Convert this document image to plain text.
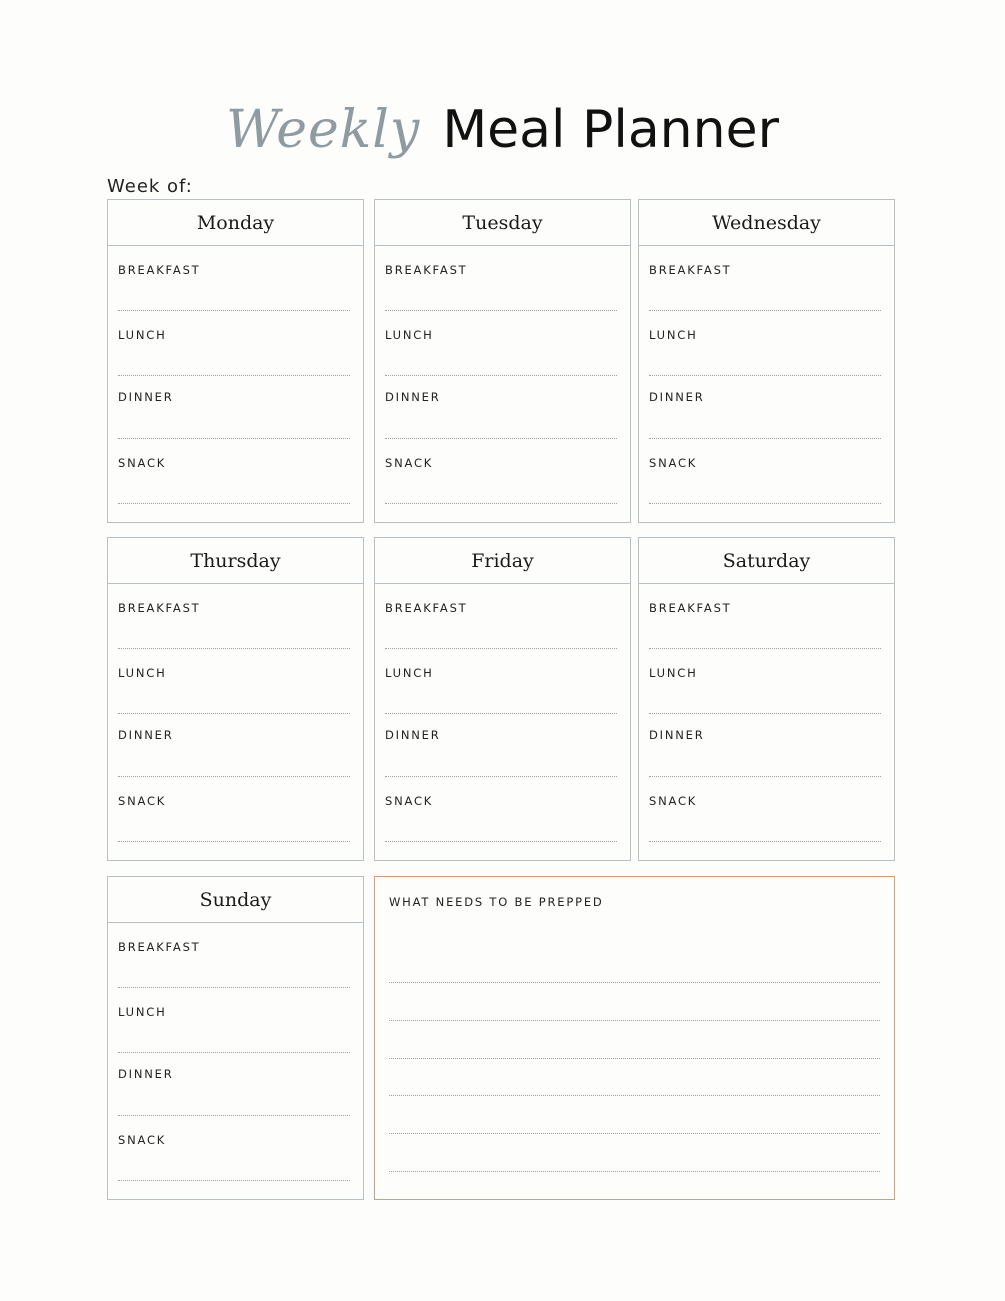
Weekly Meal Planner
Week of:
Monday
BREAKFAST
LUNCH
DINNER
SNACK
Tuesday
BREAKFAST
LUNCH
DINNER
SNACK
Wednesday
BREAKFAST
LUNCH
DINNER
SNACK
Thursday
BREAKFAST
LUNCH
DINNER
SNACK
Friday
BREAKFAST
LUNCH
DINNER
SNACK
Saturday
BREAKFAST
LUNCH
DINNER
SNACK
Sunday
BREAKFAST
LUNCH
DINNER
SNACK
WHAT NEEDS TO BE PREPPED
